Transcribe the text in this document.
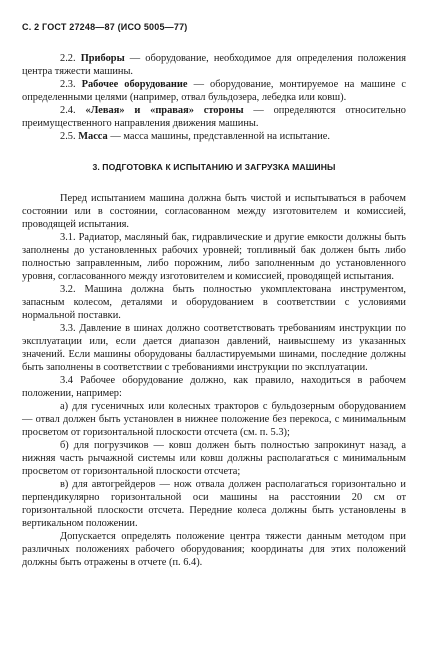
С. 2 ГОСТ 27248—87 (ИСО 5005—77)

2.2. Приборы — оборудование, необходимое для определения положения центра тяжести машины.

2.3. Рабочее оборудование — оборудование, монтируемое на машине с определенными целями (например, отвал бульдозера, лебедка или ковш).

2.4. «Левая» и «правая» стороны — определяются относительно преимущественного направления движения машины.

2.5. Масса — масса машины, представленной на испытание.

3. ПОДГОТОВКА К ИСПЫТАНИЮ И ЗАГРУЗКА МАШИНЫ

Перед испытанием машина должна быть чистой и испытываться в рабочем состоянии или в состоянии, согласованном между изготовителем и комиссией, проводящей испытания.

3.1. Радиатор, масляный бак, гидравлические и другие емкости должны быть заполнены до установленных рабочих уровней; топливный бак должен быть либо полностью заправленным, либо порожним, либо заполненным до установленного уровня, согласованного между изготовителем и комиссией, проводящей испытания.

3.2. Машина должна быть полностью укомплектована инструментом, запасным колесом, деталями и оборудованием в соответствии с условиями нормальной поставки.

3.3. Давление в шинах должно соответствовать требованиям инструкции по эксплуатации или, если дается диапазон давлений, наивысшему из указанных значений. Если машины оборудованы балластируемыми шинами, последние должны быть заполнены в соответствии с требованиями инструкции по эксплуатации.

3.4 Рабочее оборудование должно, как правило, находиться в рабочем положении, например:

а) для гусеничных или колесных тракторов с бульдозерным оборудованием — отвал должен быть установлен в нижнее положение без перекоса, с минимальным просветом от горизонтальной плоскости отсчета (см. п. 5.3);

б) для погрузчиков — ковш должен быть полностью запрокинут назад, а нижняя часть рычажной системы или ковш должны располагаться с минимальным просветом от горизонтальной плоскости отсчета;

в) для автогрейдеров — нож отвала должен располагаться горизонтально и перпендикулярно горизонтальной оси машины на расстоянии 20 см от горизонтальной плоскости отсчета. Передние колеса должны быть установлены в вертикальном положении.

Допускается определять положение центра тяжести данным методом при различных положениях рабочего оборудования; координаты для этих положений должны быть отражены в отчете (п. 6.4).
